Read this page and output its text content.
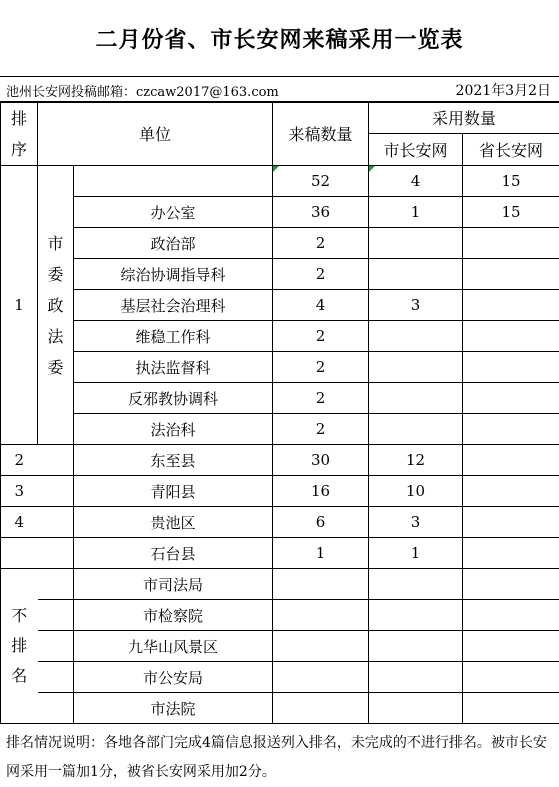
二月份省、市长安网来稿采用一览表
池州长安网投稿邮箱：czcaw2017@163.com	2021年3月2日
排序	单位		来稿数量	采用数量	
				市长安网	省长安网
1	市委政法委		52	4	15
		办公室	36	1	15
		政治部	2		
		综治协调指导科	2		
		基层社会治理科	4	3	
		维稳工作科	2		
		执法监督科	2		
		反邪教协调科	2		
		法治科	2		
2		东至县	30	12	
3		青阳县	16	10	
4		贵池区	6	3	
		石台县	1	1	
不排名		市司法局			
		市检察院			
		九华山风景区			
		市公安局			
		市法院			
排名情况说明：各地各部门完成4篇信息报送列入排名，未完成的不进行排名。被市长安网采用一篇加1分，被省长安网采用加2分。
